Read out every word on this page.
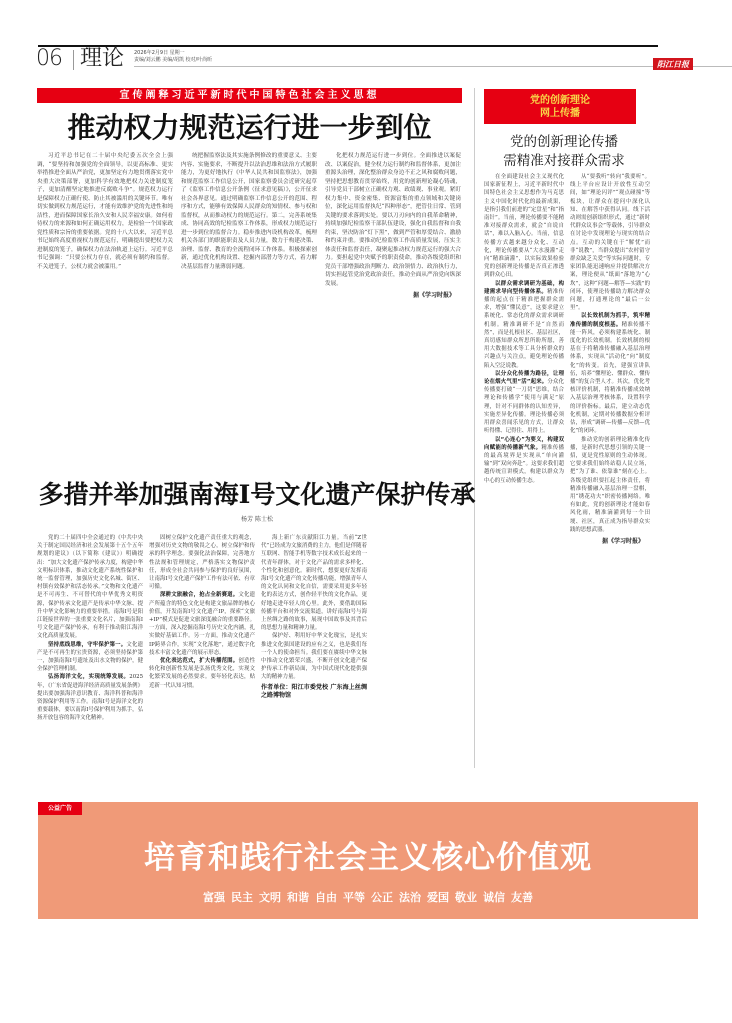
06 理论 2026年2月9日 星期一
责编/刘云鹏 美编/胡凯 校对/叶尚昕	阳江日报
宣传阐释习近平新时代中国特色社会主义思想
推动权力规范运行进一步到位

习近平总书记在二十届中央纪委五次全会上强调，“要坚持和加强党的全面领导，以更高标准、更实举措推进全面从严治党，更加坚定有力地贯彻落实党中央重大决策部署，更加科学有效地把权力关进制度笼子，更加清醒坚定地推进反腐败斗争”。规范权力运行是保障权力正确行使、防止其被滥用的关键环节。唯有切实做到权力规范运行，才能有效维护党的先进性和纯洁性，进而保障国家长治久安和人民幸福安康。如何看待权力的来源和如何正确运用权力，是检验一个国家政党性质和宗旨的重要依据。党的十八大以来，习近平总书记始终高度重视权力规范运行，明确提出要把权力关进制度的笼子，确保权力在法治轨道上运行。习近平总书记强调：“只要公权力存在，就必须有制约和监督。不关进笼子，公权力就会被滥用。”

统把握监察法及其实施条例修改的重要意义、主要内容、实施要求，不断提升以法治思维和法治方式履职能力，为更好地执行《中华人民共和国监察法》，加强和规范监察工作信息公开，国家监察委员会近研究起草了《监察工作信息公开条例（征求意见稿）》，公开征求社会各界意见。通过明确监察工作信息公开的范围、程序和方式，能够有效保障人民群众的知情权、参与权和监督权，从而推动权力的规范运行。第二，完善系统集成、协同高效的纪检监察工作体系，形成权力规范运行进一步到位的监督合力。稳步推进内设机构改革，梳理机关各部门的职能职责及人员力量，数力于构建决策、治理、监督、教育的全流程闭环工作体系。积极探索创新，通过优化机构设置、挖掘内部潜力等方式，着力解决基层监督力量薄弱问题。

化把权力规范运行进一步到位。全面推进以案促改、以案促治，健全权力运行制约和监督体系，更加注重源头治理，深化整治群众身边不正之风和腐败问题，坚持把思想教育贯穿始终，用党的创新理论凝心铸魂，引导党员干部树立正确权力观、政绩观、事业观。紧盯权力集中、资金密集、资源富集的重点领域和关键岗位，深化运用监督执纪“四种形态”，把管住日常、管到关键的要求落到实处。要以刀刃向内的自我革命精神，持续加强纪检监察干部队伍建设，强化自我监督和自我约束，坚决防治“灯下黑”，做到严管和厚爱结合、激励和约束并重。要推动纪检监察工作高质量发展，压实主体责任和监督责任，凝聚起推动权力规范运行的强大合力。要担起党中央赋予的职责使命，推动各级党组织和党员干部增强政治判断力、政治领悟力、政治执行力，切实担起管党治党政治责任，推动全面从严治党向纵深发展。

据《学习时报》
党的创新理论
网上传播
党的创新理论传播
需精准对接群众需求

在全面建设社会主义现代化国家新征程上，习近平新时代中国特色社会主义思想作为马克思主义中国化时代化的最新成果，是指引我们前进的“定盘星”和“指南针”。当前，理论传播要不能精准对接群众需求，就会“自说自话”，难以入脑入心。当前，信息传播方式越来越分众化、互动化，理论传播要从“大水漫灌”走向“精准滴灌”，以实际效果检验党的创新理论传播是否真正渗透到群众心田。

以群众需求调研为基础，构建需求导向型传播体系。精准传播的起点在于精准把握群众需求，增强“懂民意”，这要求建立系统化、常态化的群众需求调研机制。精准调研不是“自然而然”，而是扎根社区、基层社区，真切感知群众所思所盼所愿，善用大数据技术等工具分析群众的兴趣点与关注点，避免理论传播陷入空泛说教。

以分众化传播为路径，让理论在烟火气里“活”起来。分众化传播要打破“一刀切”思维，结合理论和传播学“使用与满足”原理，针对不同群体的认知差异，实施差异化传播。理论传播必须用群众喜闻乐见的方式，让群众听得懂、记得住、用得上。

以“心连心”为要义，构建双向赋能的传播新气象。精准传播的最高境界是实现从“单向灌输”到“双向奔赴”。这要求我们超越传统宣讲模式，构建以群众为中心的互动传播生态。

从“要我听”转向“我要听”。线上平台应设计开放性互动空间，如“理论闪评”“观点碰撞”等板块，让群众在提问中深化认知、在解答中获得认同。线下活动则需创新组织形式，通过“新时代群众议事会”等载体，引导群众在讨论中发现理论与现实的结合点。互动的关键在于“解忧”而非“说教”，当群众提出“农村留守群众缺乏关爱”等实际问题时，专家团队能迅速响应并提供解决方案，理论便从“纸面”落地为“心坎”，这种“问题—解答—实践”的闭环，使理论传播助力解决群众问题，打通理论的“最后一公里”。

以长效机制为抓手，筑牢精准传播的制度根基。精准传播不能一阵风，必须构建系统化、制度化的长效机制。长效机制的根基在于将精准传播融入基层治理体系，实现从“活动化”向“制度化”的转变。首先，建强宣讲队伍，培养“懂理论、懂群众、懂传播”的复合型人才。其次，优化考核评价机制，将精准传播成效纳入基层治理考核体系，设置科学的评价指标。最后，建立动态优化机制，定期对传播数据分析评估，形成“调研—传播—反馈—优化”的闭环。

推动党的创新理论精准化传播，是新时代思想引领的关键一招，更是党性原则的生动体现。它要求我们始终站稳人民立场，把“为了谁、依靠谁”刻在心上。各级党组织要扛起主体责任，将精准传播融入基层治理一盘棋，用“绣花功夫”织密传播网络。唯有如此，党的创新理论才能如春风化雨，精准滴灌到每一个田埂、社区，真正成为指导群众实践的思想武器。

据《学习时报》
多措并举加强南海Ⅰ号文化遗产保护传承
杨芳 陈士松

党的二十届四中全会通过的《中共中央关于制定国民经济和社会发展第十五个五年规划的建议》（以下简称《建议》）明确提出：“加大文化遗产保护传承力度，构建中华文明标识体系，推动文化遗产系统性保护和统一监督管理，加强历史文化名城、街区、村镇有效保护和活态传承。”文物和文化遗产是不可再生、不可替代的中华优秀文明资源，保护传承文化遗产是传承中华文脉、提升中华文化影响力的重要举措。南海Ⅰ号是阳江链接世界的一张重要文化名片，加强南海Ⅰ号文化遗产保护传承，有利于推动阳江海洋文化高质量发展。

坚持底线思维，守牢保护第一。文化遗产是不可再生的宝贵资源，必须坚持保护第一，加强南海Ⅰ号遗址及出水文物的保护，健全保护管理机制。

弘扬海洋文化，实现统筹发展。2025年，《广东省促进海洋经济高质量发展条例》提出要加强海洋意识教育、海洋科普和海洋资源保护利用等工作。南海Ⅰ号是海洋文化的重要载体，要以南海Ⅰ号保护利用为抓手，弘扬开放包容的海洋文化精神。

固树立保护文化遗产责任重大的观念，增强对历史文物的敬畏之心，树立保护和传承的科学理念。要强化法治保障，完善地方性法规和管理规定，严格落实文物保护责任，形成全社会共同参与保护的良好氛围，让南海Ⅰ号文化遗产保护工作有法可依、有章可循。

深耕文旅融合，抢占全新赛道。文化遗产所蕴含的特色文化是构建文旅品牌的核心价值，开发南海Ⅰ号文化遗产IP，探索“文旅+IP”模式是促进文旅深度融合的重要路径。一方面，深入挖掘南海Ⅰ号历史文化内涵，扎实做好基础工作。另一方面，推动文化遗产IP跨界合作，实现“文化落地”，通过数字化技术丰富文化遗产的展示形态。

优化表达范式，扩大传播范围。创造性转化和创新性发展是弘扬优秀文化，实现文化繁荣发展的必然要求。要年轻化表达，贴近新一代认知习惯。

海上新广东贡献阳江力量。当前“Z世代”已经成为文旅消费的主力，他们是伴随着互联网、智能手机等数字技术成长起来的一代青年群体，对于文化产品的需求多样化、个性化和创意化。新时代，想要更好发挥南海Ⅰ号文化遗产的文化传播功能，增强青年人的文化认同和文化自信，需要采用更多年轻化的表达方式，创作轻平快的文化作品，更好地走进年轻人的心里。此外，要借助国际传播平台和对外交流渠道，讲好南海Ⅰ号与海上丝绸之路的故事，展现中国故事及其背后的思想力量和精神力量。

保护好、利用好中华文化瑰宝，是扎实推进文化强国建设的应有之义，也是我们每一个人的使命担当。我们要在赓续中华文脉中推动文化繁荣兴盛，不断开创文化遗产保护传承工作新局面，为中国式现代化提供强大的精神力量。

作者单位：阳江市委党校 广东海上丝绸之路博物馆
公益广告
培育和践行社会主义核心价值观
富强 民主 文明 和谐 自由 平等 公正 法治 爱国 敬业 诚信 友善
阳江日报社 宣
